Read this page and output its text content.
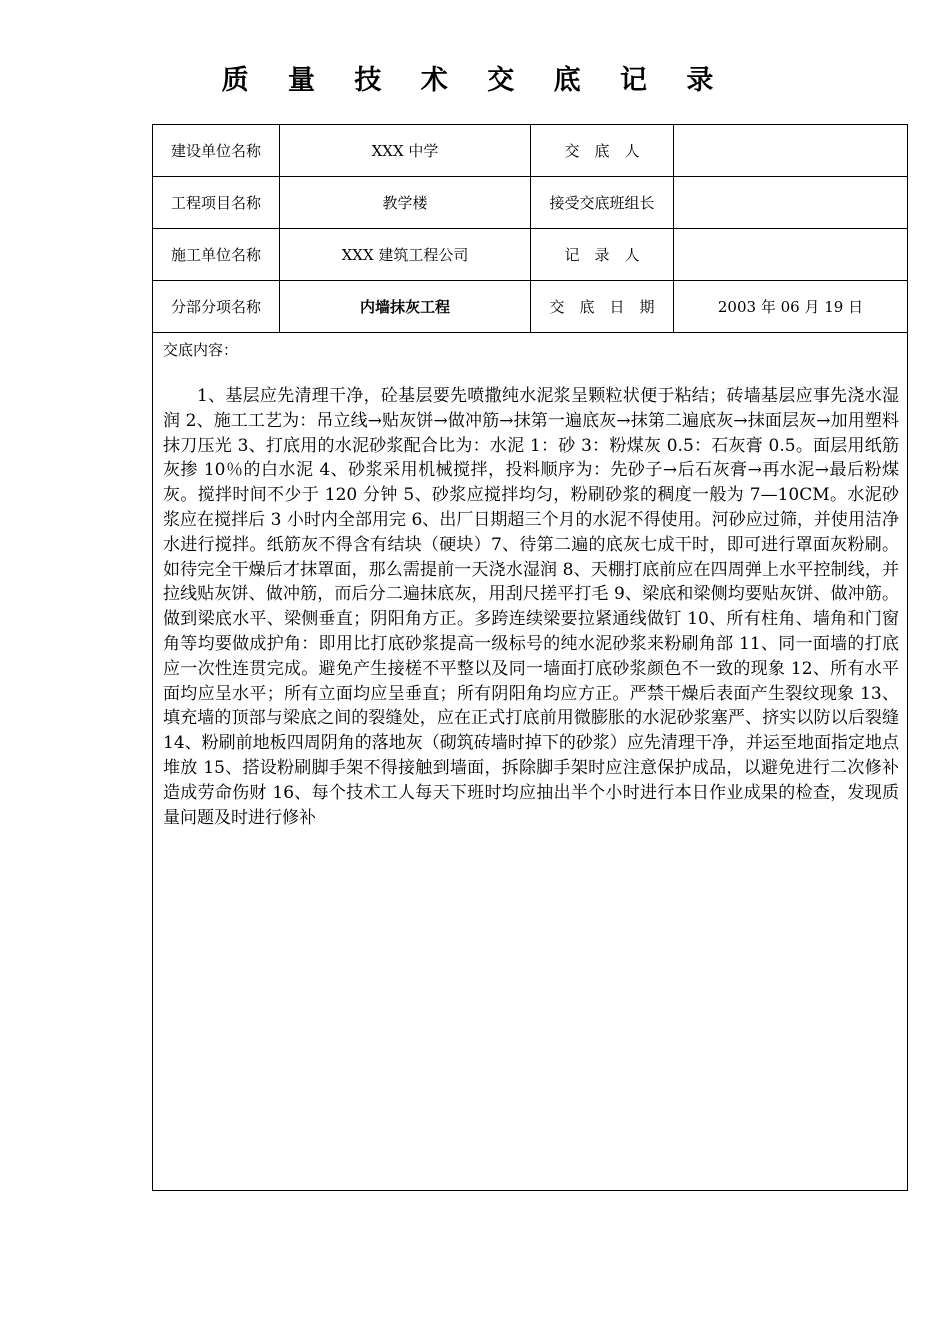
质 量 技 术 交 底 记 录
建设单位名称	XXX 中学	交　底　人	
工程项目名称	教学楼	接受交底班组长	
施工单位名称	XXX 建筑工程公司	记　录　人	
分部分项名称	内墙抹灰工程	交　底　日　期	2003 年 06 月 19 日

交底内容：
1、基层应先清理干净，砼基层要先喷撒纯水泥浆呈颗粒状便于粘结；砖墙基层应事先浇水湿润 2、施工工艺为：吊立线→贴灰饼→做冲筋→抹第一遍底灰→抹第二遍底灰→抹面层灰→加用塑料抹刀压光 3、打底用的水泥砂浆配合比为：水泥 1：砂 3：粉煤灰 0.5：石灰膏 0.5。面层用纸筋灰掺 10％的白水泥 4、砂浆采用机械搅拌，投料顺序为：先砂子→后石灰膏→再水泥→最后粉煤灰。搅拌时间不少于 120 分钟 5、砂浆应搅拌均匀，粉刷砂浆的稠度一般为 7—10CM。水泥砂浆应在搅拌后 3 小时内全部用完 6、出厂日期超三个月的水泥不得使用。河砂应过筛，并使用洁净水进行搅拌。纸筋灰不得含有结块（硬块）7、待第二遍的底灰七成干时，即可进行罩面灰粉刷。如待完全干燥后才抹罩面，那么需提前一天浇水湿润 8、天棚打底前应在四周弹上水平控制线，并拉线贴灰饼、做冲筋，而后分二遍抹底灰，用刮尺搓平打毛 9、梁底和梁侧均要贴灰饼、做冲筋。做到梁底水平、梁侧垂直；阴阳角方正。多跨连续梁要拉紧通线做钉 10、所有柱角、墙角和门窗角等均要做成护角：即用比打底砂浆提高一级标号的纯水泥砂浆来粉刷角部 11、同一面墙的打底应一次性连贯完成。避免产生接槎不平整以及同一墙面打底砂浆颜色不一致的现象 12、所有水平面均应呈水平；所有立面均应呈垂直；所有阴阳角均应方正。严禁干燥后表面产生裂纹现象 13、填充墙的顶部与梁底之间的裂缝处，应在正式打底前用微膨胀的水泥砂浆塞严、挤实以防以后裂缝 14、粉刷前地板四周阴角的落地灰（砌筑砖墙时掉下的砂浆）应先清理干净，并运至地面指定地点堆放 15、搭设粉刷脚手架不得接触到墙面，拆除脚手架时应注意保护成品，以避免进行二次修补造成劳命伤财 16、每个技术工人每天下班时均应抽出半个小时进行本日作业成果的检查，发现质量问题及时进行修补			
